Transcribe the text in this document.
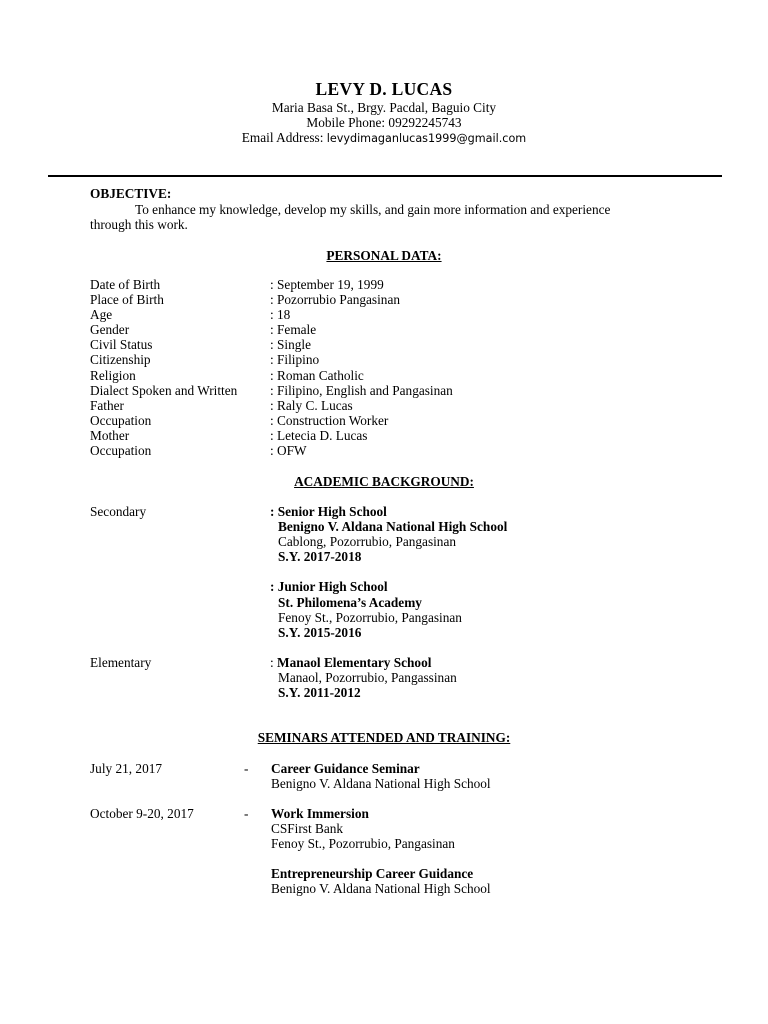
LEVY D. LUCAS
Maria Basa St., Brgy. Pacdal, Baguio City
Mobile Phone: 09292245743
Email Address: levydimaganlucas1999@gmail.com
OBJECTIVE:
To enhance my knowledge, develop my skills, and gain more information and experience
through this work.
PERSONAL DATA:
Date of Birth	: September 19, 1999
Place of Birth	: Pozorrubio Pangasinan
Age	: 18
Gender	: Female
Civil Status	: Single
Citizenship	: Filipino
Religion	: Roman Catholic
Dialect Spoken and Written : Filipino, English and Pangasinan
Father	: Raly C. Lucas
Occupation	: Construction Worker
Mother	: Letecia D. Lucas
Occupation	: OFW
ACADEMIC BACKGROUND:
Secondary	: Senior High School
Benigno V. Aldana National High School
Cablong, Pozorrubio, Pangasinan
S.Y. 2017-2018
: Junior High School
St. Philomena’s Academy
Fenoy St., Pozorrubio, Pangasinan
S.Y. 2015-2016
Elementary	: Manaol Elementary School
Manaol, Pozorrubio, Pangassinan
S.Y. 2011-2012
SEMINARS ATTENDED AND TRAINING:
July 21, 2017	- Career Guidance Seminar
Benigno V. Aldana National High School
October 9-20, 2017	- Work Immersion
CSFirst Bank
Fenoy St., Pozorrubio, Pangasinan
Entrepreneurship Career Guidance
Benigno V. Aldana National High School
